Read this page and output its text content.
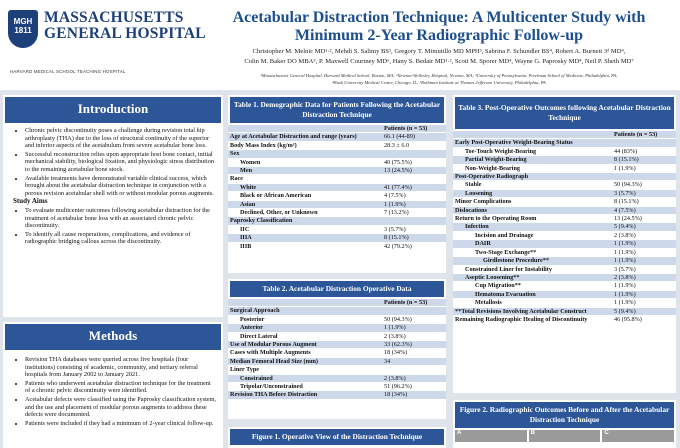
MGH 1811
MASSACHUSETTS
GENERAL HOSPITAL
HARVARD MEDICAL SCHOOL TEACHING HOSPITAL
Acetabular Distraction Technique: A Multicenter Study with Minimum 2-Year Radiographic Follow-up
Christopher M. Melnic MD¹·², Mehdi S. Salimy BS¹, Gregory T. Mimutillo MD MPH³, Sabrina F. Schundler BS⁴, Robert A. Burnett 3ᵈ MD⁴,
Colin M. Baker DO MBA⁵, P. Maxwell Courtney MD⁶, Hany S. Bedair MD¹·², Scott M. Sporer MD⁴, Wayne G. Paprosky MD⁴, Neil P. Sheth MD⁷
¹Massachusetts General Hospital, Harvard Medical School, Boston, MA; ²Newton-Wellesley Hospital, Newton, MA; ³University of Pennsylvania, Perelman School of Medicine, Philadelphia, PA;
⁴Rush University Medical Center, Chicago, IL; ⁵Rothman Institute at Thomas Jefferson University, Philadelphia, PA
Introduction
• Chronic pelvic discontinuity poses a challenge during revision total hip arthroplasty (THA) due to the loss of structural continuity of the superior and inferior aspects of the acetabulum from severe acetabular bone loss.
• Successful reconstruction relies upon appropriate host bone contact, initial mechanical stability, biological fixation, and physiologic stress distribution to the remaining acetabular bone stock.
• Available treatments have demonstrated variable clinical success, which brought about the acetabular distraction technique in conjunction with a porous revision acetabular shell with or without modular porous augments.
Study Aims
• To evaluate multicenter outcomes following acetabular distraction for the treatment of acetabular bone loss with an associated chronic pelvic discontinuity.
• To identify all cause reoperations, complications, and evidence of radiographic bridging callous across the discontinuity.
Methods
• Revision THA databases were queried across five hospitals (four institutions) consisting of academic, community, and tertiary referral hospitals from January 2002 to January 2021.
• Patients who underwent acetabular distraction technique for the treatment of a chronic pelvic discontinuity were identified.
• Acetabular defects were classified using the Paprosky classification system, and the use and placement of modular porous augments to address these defects were documented.
• Patients were included if they had a minimum of 2-year clinical follow-up.
Table 1. Demographic Data for Patients Following the Acetabular Distraction Technique
	Patients (n = 53)
Age at Acetabular Distraction and range (years)	66.1 (44-89)
Body Mass Index (kg/m²)	28.3 ± 6.0
Sex	
Women	40 (75.5%)
Men	13 (24.5%)
Race	
White	41 (77.4%)
Black or African American	4 (7.5%)
Asian	1 (1.9%)
Declined, Other, or Unknown	7 (13.2%)
Paprosky Classification	
IIC	3 (5.7%)
IIIA	8 (15.1%)
IIIB	42 (79.2%)
Table 2. Acetabular Distraction Operative Data
	Patients (n = 53)
Surgical Approach	
Posterior	50 (94.3%)
Anterior	1 (1.9%)
Direct Lateral	2 (3.8%)
Use of Modular Porous Augment	33 (62.3%)
Cases with Multiple Augments	18 (34%)
Median Femoral Head Size (mm)	34
Liner Type	
Constrained	2 (3.8%)
Tripolar/Unconstrained	51 (96.2%)
Revision THA Before Distraction	18 (34%)
Figure 1. Operative View of the Distraction Technique
Table 3. Post-Operative Outcomes following Acetabular Distraction Technique
	Patients (n = 53)
Early Post-Operative Weight-Bearing Status	
Toe-Touch Weight-Bearing	44 (83%)
Partial Weight-Bearing	8 (15.1%)
Non-Weight-Bearing	1 (1.9%)
Post-Operative Radiograph	
Stable	50 (94.3%)
Loosening	3 (5.7%)
Minor Complications	8 (15.1%)
Dislocations	4 (7.5%)
Return to the Operating Room	13 (24.5%)
Infection	5 (9.4%)
Incision and Drainage	2 (3.8%)
DAIR	1 (1.9%)
Two-Stage Exchange**	1 (1.9%)
Girdlestone Procedure**	1 (1.9%)
Constrained Liner for Instability	3 (5.7%)
Aseptic Loosening**	2 (3.8%)
Cup Migration**	1 (1.9%)
Hematoma Evacuation	1 (1.9%)
Metallosis	1 (1.9%)
**Total Revisions Involving Acetabular Construct	5 (9.4%)
Remaining Radiographic Healing of Discontinuity	46 (95.8%)
Figure 2. Radiographic Outcomes Before and After the Acetabular Distraction Technique
A	B	C
